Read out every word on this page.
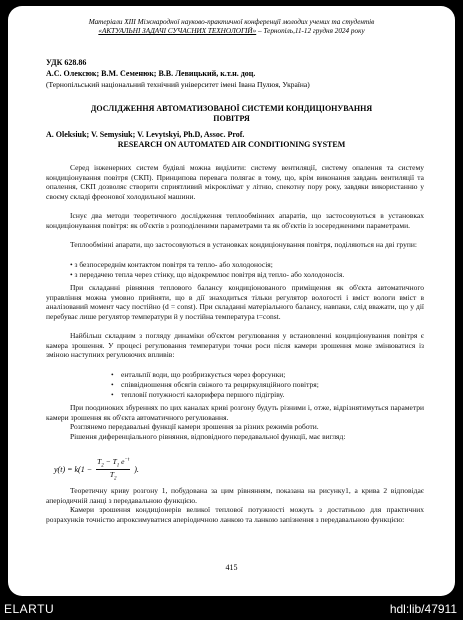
Матеріали XIII Міжнародної науково-практичної конференції молодих учених та студентів
«АКТУАЛЬНІ ЗАДАЧІ СУЧАСНИХ ТЕХНОЛОГІЙ» – Тернопіль,11-12 грудня 2024 року
УДК 628.86
А.С. Олексюк; В.М. Семенюк; В.В. Левицький, к.т.н. доц.
(Тернопільський національний технічний університет імені Івана Пулюя, Україна)
ДОСЛІДЖЕННЯ АВТОМАТИЗОВАНОЇ СИСТЕМИ КОНДИЦІОНУВАННЯ
ПОВІТРЯ
A. Oleksiuk; V. Semysiuk; V. Levytskyi, Ph.D, Assoc. Prof.
RESEARCH ON AUTOMATED AIR CONDITIONING SYSTEM
Серед інженерних систем будівлі можна виділити: систему вентиляції, систему опалення та систему кондиціонування повітря (СКП). Принципова перевага полягає в тому, що, крім виконання завдань вентиляції та опалення, СКП дозволяє створити сприятливий мікроклімат у літню, спекотну пору року, завдяки використанню у своєму складі фреонової холодильної машини.
Існує два методи теоретичного дослідження теплообмінних апаратів, що застосовуються в установках кондиціонування повітря: як об'єктів з розподіленими параметрами та як об'єктів із зосередженими параметрами.
Теплообмінні апарати, що застосовуються в установках кондиціонування повітря, поділяються на дві групи:
• з безпосереднім контактом повітря та тепло- або холодоносія;
• з передачею тепла через стінку, що відокремлює повітря від тепло- або холодоносія.
При складанні рівняння теплового балансу кондиціонованого приміщення як об'єкта автоматичного управління можна умовно прийняти, що в дії знаходиться тільки регулятор вологості і вміст вологи вміст в аналізований момент часу постійно (d = const). При складанні матеріального балансу, навпаки, слід вважати, що у дії перебуває лише регулятор температури й у постійна температура t=const.
Найбільш складним з погляду динаміки об'єктом регулювання у встановленні кондиціонування повітря є камера зрошення. У процесі регулювання температури точки роси після камери зрошення може змінюватися із зміною наступних регулюючих впливів:
• ентальпії води, що розбризкується через форсунки;
• співвідношення обсягів свіжого та рециркуляційного повітря;
• тепловії потужності калорифера першого підігріву.
При поодиноких збуреннях по цих каналах криві розгону будуть різними і, отже, відрізнятимуться параметри камери зрошення як об'єкта автоматичного регулювання.
Розглянемо передавальні функції камери зрошення за різних режимів роботи.
Рішення диференціального рівняння, відповідного передавальної функції, має вигляд:
$y(t) = k(1 - \frac{T_2 - T_1 e^{-t}}{T_2}$ ).
Теоретичну криву розгону 1, побудована за цим рівнянням, показана на рисунку1, а крива 2 відповідає аперіодичній ланці з передавальною функцією.
Камери зрошення кондиціонерів великої теплової потужності можуть з достатньою для практичних розрахунків точністю апроксимуватися аперіодичною ланкою та ланкою запізнення з передавальною функцією:
415
ELARTU	hdl:lib/47911
